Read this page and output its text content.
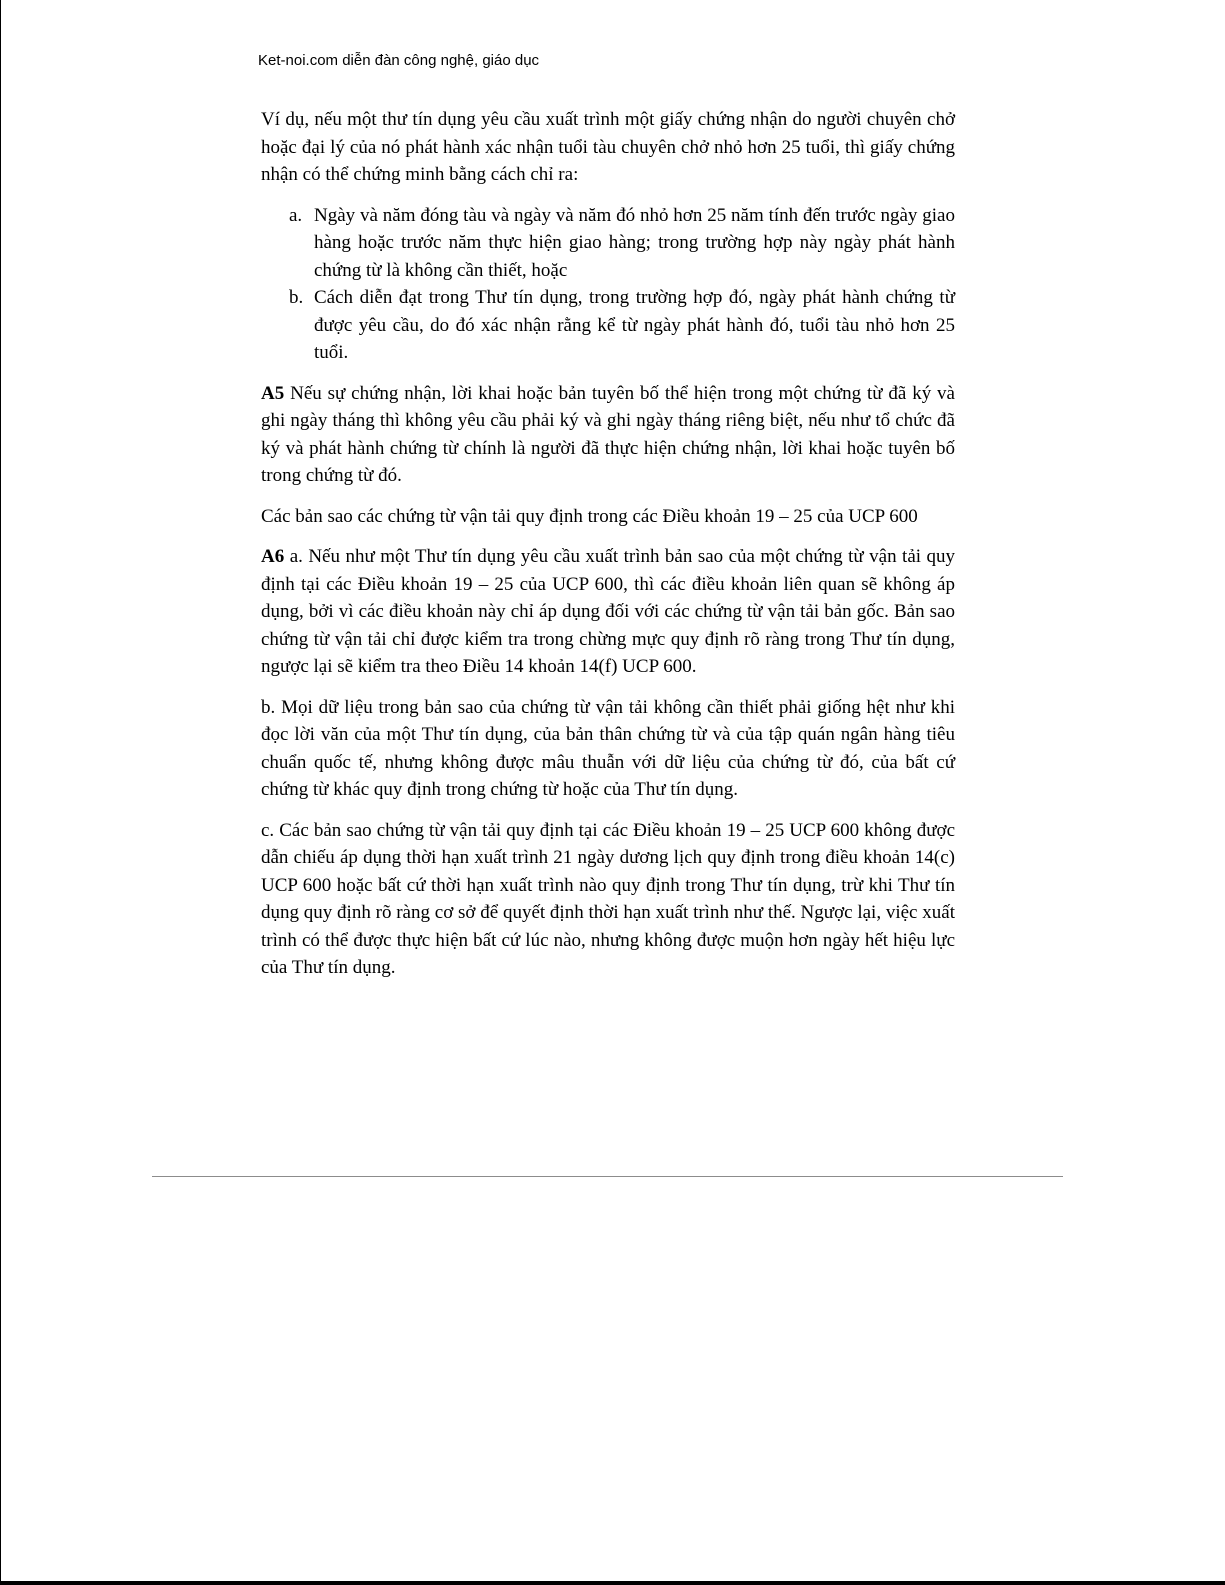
Ket-noi.com diễn đàn công nghệ, giáo dục

Ví dụ, nếu một thư tín dụng yêu cầu xuất trình một giấy chứng nhận do người chuyên chở hoặc đại lý của nó phát hành xác nhận tuổi tàu chuyên chở nhỏ hơn 25 tuổi, thì giấy chứng nhận có thể chứng minh bằng cách chỉ ra:

a. Ngày và năm đóng tàu và ngày và năm đó nhỏ hơn 25 năm tính đến trước ngày giao hàng hoặc trước năm thực hiện giao hàng; trong trường hợp này ngày phát hành chứng từ là không cần thiết, hoặc
b. Cách diễn đạt trong Thư tín dụng, trong trường hợp đó, ngày phát hành chứng từ được yêu cầu, do đó xác nhận rằng kể từ ngày phát hành đó, tuổi tàu nhỏ hơn 25 tuổi.

A5 Nếu sự chứng nhận, lời khai hoặc bản tuyên bố thể hiện trong một chứng từ đã ký và ghi ngày tháng thì không yêu cầu phải ký và ghi ngày tháng riêng biệt, nếu như tổ chức đã ký và phát hành chứng từ chính là người đã thực hiện chứng nhận, lời khai hoặc tuyên bố trong chứng từ đó.

Các bản sao các chứng từ vận tải quy định trong các Điều khoản 19 – 25 của UCP 600

A6 a. Nếu như một Thư tín dụng yêu cầu xuất trình bản sao của một chứng từ vận tải quy định tại các Điều khoản 19 – 25 của UCP 600, thì các điều khoản liên quan sẽ không áp dụng, bởi vì các điều khoản này chỉ áp dụng đối với các chứng từ vận tải bản gốc. Bản sao chứng từ vận tải chỉ được kiểm tra trong chừng mực quy định rõ ràng trong Thư tín dụng, ngược lại sẽ kiểm tra theo Điều 14 khoản 14(f) UCP 600.

b. Mọi dữ liệu trong bản sao của chứng từ vận tải không cần thiết phải giống hệt như khi đọc lời văn của một Thư tín dụng, của bản thân chứng từ và của tập quán ngân hàng tiêu chuẩn quốc tế, nhưng không được mâu thuẫn với dữ liệu của chứng từ đó, của bất cứ chứng từ khác quy định trong chứng từ hoặc của Thư tín dụng.

c. Các bản sao chứng từ vận tải quy định tại các Điều khoản 19 – 25 UCP 600 không được dẫn chiếu áp dụng thời hạn xuất trình 21 ngày dương lịch quy định trong điều khoản 14(c) UCP 600 hoặc bất cứ thời hạn xuất trình nào quy định trong Thư tín dụng, trừ khi Thư tín dụng quy định rõ ràng cơ sở để quyết định thời hạn xuất trình như thế. Ngược lại, việc xuất trình có thể được thực hiện bất cứ lúc nào, nhưng không được muộn hơn ngày hết hiệu lực của Thư tín dụng.
